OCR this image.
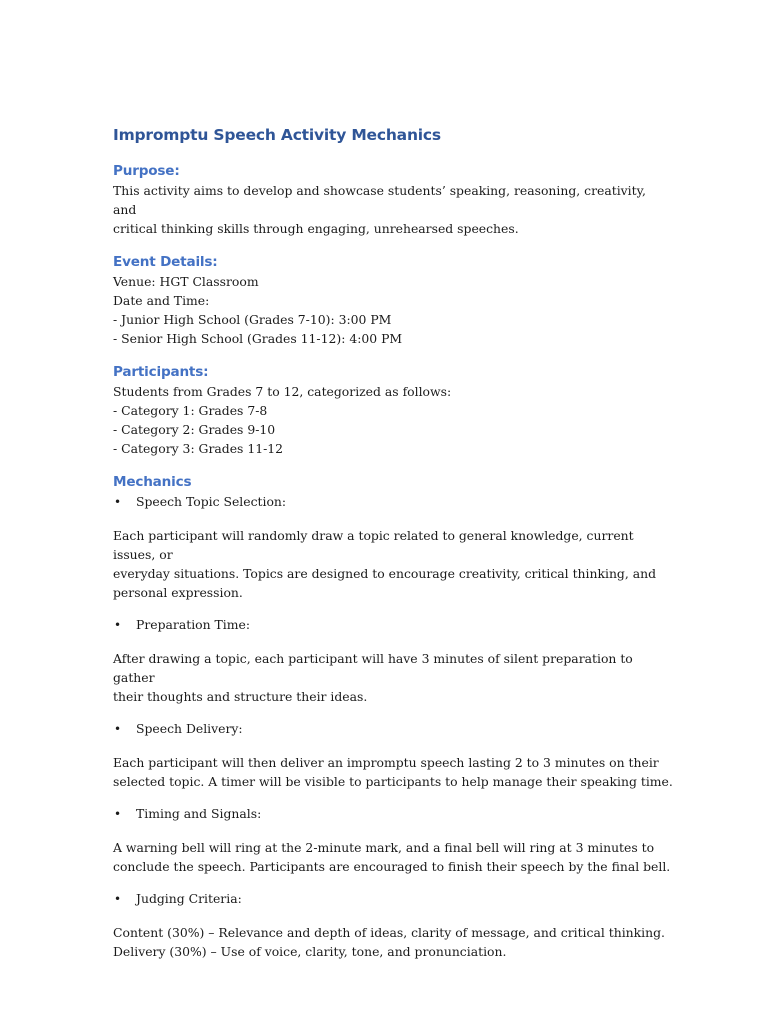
Impromptu Speech Activity Mechanics
Purpose:
This activity aims to develop and showcase students’ speaking, reasoning, creativity, and
critical thinking skills through engaging, unrehearsed speeches.
Event Details:
Venue: HGT Classroom
Date and Time:
- Junior High School (Grades 7-10): 3:00 PM
- Senior High School (Grades 11-12): 4:00 PM
Participants:
Students from Grades 7 to 12, categorized as follows:
- Category 1: Grades 7-8
- Category 2: Grades 9-10
- Category 3: Grades 11-12
Mechanics
•	Speech Topic Selection:
Each participant will randomly draw a topic related to general knowledge, current issues, or
everyday situations. Topics are designed to encourage creativity, critical thinking, and
personal expression.
•	Preparation Time:
After drawing a topic, each participant will have 3 minutes of silent preparation to gather
their thoughts and structure their ideas.
•	Speech Delivery:
Each participant will then deliver an impromptu speech lasting 2 to 3 minutes on their
selected topic. A timer will be visible to participants to help manage their speaking time.
•	Timing and Signals:
A warning bell will ring at the 2-minute mark, and a final bell will ring at 3 minutes to
conclude the speech. Participants are encouraged to finish their speech by the final bell.
•	Judging Criteria:
Content (30%) – Relevance and depth of ideas, clarity of message, and critical thinking.
Delivery (30%) – Use of voice, clarity, tone, and pronunciation.
